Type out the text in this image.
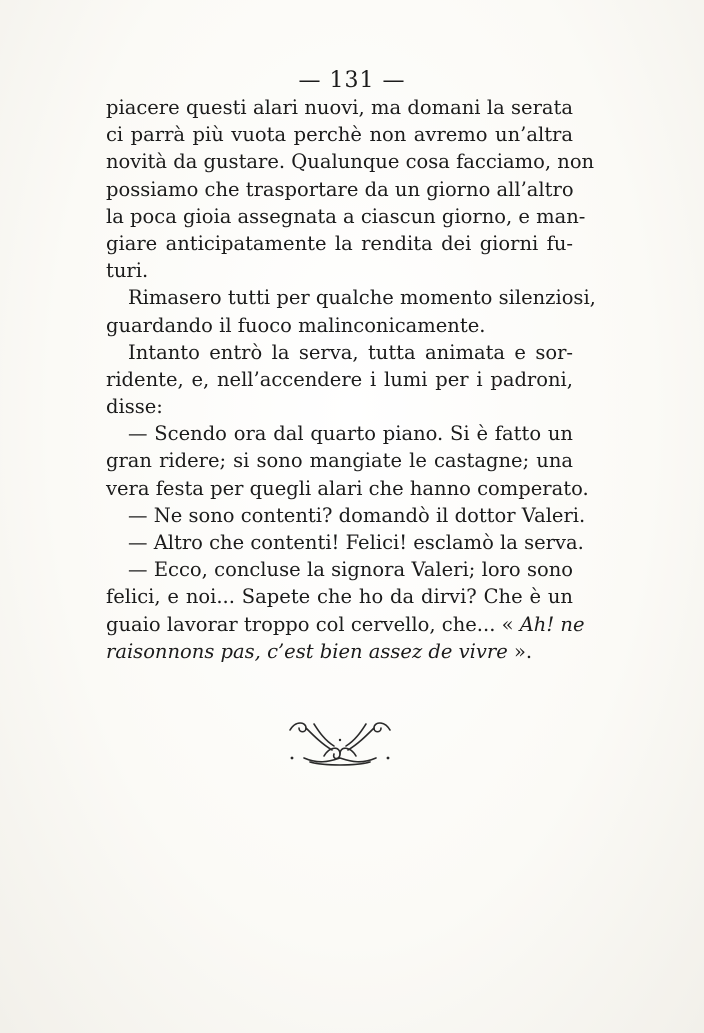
— 131 —
piacere questi alari nuovi, ma domani la serata
ci parrà più vuota perchè non avremo un’altra
novità da gustare. Qualunque cosa facciamo, non
possiamo che trasportare da un giorno all’altro
la poca gioia assegnata a ciascun giorno, e man-
giare anticipatamente la rendita dei giorni fu-
turi.
Rimasero tutti per qualche momento silenziosi,
guardando il fuoco malinconicamente.
Intanto entrò la serva, tutta animata e sor-
ridente, e, nell’accendere i lumi per i padroni,
disse:
— Scendo ora dal quarto piano. Si è fatto un
gran ridere; si sono mangiate le castagne; una
vera festa per quegli alari che hanno comperato.
— Ne sono contenti? domandò il dottor Valeri.
— Altro che contenti! Felici! esclamò la serva.
— Ecco, concluse la signora Valeri; loro sono
felici, e noi... Sapete che ho da dirvi? Che è un
guaio lavorar troppo col cervello, che... « Ah! ne
raisonnons pas, c’est bien assez de vivre ».
